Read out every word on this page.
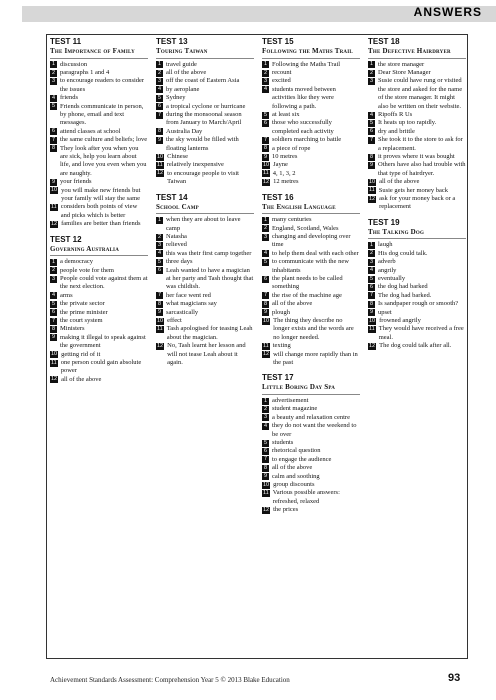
ANSWERS
TEST 11
The Importance of Family
1 discussion
2 paragraphs 1 and 4
3 to encourage readers to consider the issues
4 friends
5 Friends communicate in person, by phone, email and text messages.
6 attend classes at school
7 the same culture and beliefs; love
8 They look after you when you are sick, help you learn about life, and love you even when you are naughty.
9 your friends
10 you will make new friends but your family will stay the same
11 considers both points of view and picks which is better
12 families are better than friends
TEST 12
Governing Australia
1 a democracy
2 people vote for them
3 People could vote against them at the next election.
4 arms
5 the private sector
6 the prime minister
7 the court system
8 Ministers
9 making it illegal to speak against the government
10 getting rid of it
11 one person could gain absolute power
12 all of the above
TEST 13
Touring Taiwan
1 travel guide
2 all of the above
3 off the coast of Eastern Asia
4 by aeroplane
5 Sydney
6 a tropical cyclone or hurricane
7 during the monsoonal season from January to March/April
8 Australia Day
9 the sky would be filled with floating lanterns
10 Chinese
11 relatively inexpensive
12 to encourage people to visit Taiwan
TEST 14
School Camp
1 when they are about to leave camp
2 Natasha
3 relieved
4 this was their first camp together
5 three days
6 Leah wanted to have a magician at her party and Tash thought that was childish.
7 her face went red
8 what magicians say
9 sarcastically
10 effect
11 Tash apologised for teasing Leah about the magician.
12 No, Tash learnt her lesson and will not tease Leah about it again.
TEST 15
Following the Maths Trail
1 Following the Maths Trail
2 recount
3 excited
4 students moved between activities like they were following a path.
5 at least six
6 those who successfully completed each activity
7 soldiers marching to battle
8 a piece of rope
9 10 metres
10 Jayne
11 4, 1, 3, 2
12 12 metres
TEST 16
The English Language
1 many centuries
2 England, Scotland, Wales
3 changing and developing over time
4 to help them deal with each other
5 to communicate with the new inhabitants
6 the plant needs to be called something
7 the rise of the machine age
8 all of the above
9 plough
10 The thing they describe no longer exists and the words are no longer needed.
11 texting
12 will change more rapidly than in the past
TEST 17
Little Boring Day Spa
1 advertisement
2 student magazine
3 a beauty and relaxation centre
4 they do not want the weekend to be over
5 students
6 rhetorical question
7 to engage the audience
8 all of the above
9 calm and soothing
10 group discounts
11 Various possible answers: refreshed, relaxed
12 the prices
TEST 18
The Defective Hairdryer
1 the store manager
2 Dear Store Manager
3 Susie could have rung or visited the store and asked for the name of the store manager. It might also be written on their website.
4 Ripoffs R Us
5 It heats up too rapidly.
6 dry and brittle
7 She took it to the store to ask for a replacement.
8 it proves where it was bought
9 Others have also had trouble with that type of hairdryer.
10 all of the above
11 Susie gets her money back
12 ask for your money back or a replacement
TEST 19
The Talking Dog
1 laugh
2 His dog could talk.
3 adverb
4 angrily
5 eventually
6 the dog had barked
7 The dog had barked.
8 Is sandpaper rough or smooth?
9 upset
10 frowned angrily
11 They would have received a free meal.
12 The dog could talk after all.
Achievement Standards Assessment: Comprehension Year 5 © 2013 Blake Education	93
